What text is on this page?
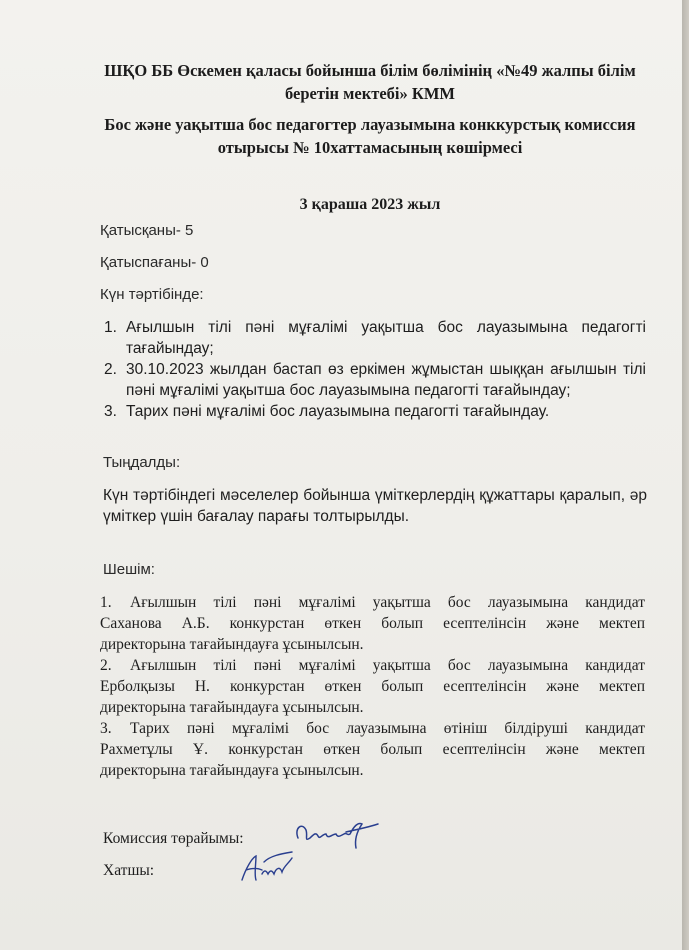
ШҚО ББ Өскемен қаласы бойынша білім бөлімінің «№49 жалпы білім
беретін мектебі» КММ
Бос және уақытша бос педагогтер лауазымына конккурстық комиссия
отырысы № 10хаттамасының көшірмесі
3 қараша 2023 жыл
Қатысқаны- 5
Қатыспағаны- 0
Күн тәртібінде:
1. Ағылшын тілі пәні мұғалімі уақытша бос лауазымына педагогті
тағайындау;
2. 30.10.2023 жылдан бастап өз еркімен жұмыстан шыққан ағылшын тілі
пәні мұғалімі уақытша бос лауазымына педагогті тағайындау;
3. Тарих пәні мұғалімі бос лауазымына педагогті тағайындау.
Тыңдалды:
Күн тәртібіндегі мәселелер бойынша үміткерлердің құжаттары қаралып, әр
үміткер үшін бағалау парағы толтырылды.
Шешім:
1. Ағылшын тілі пәні мұғалімі уақытша бос лауазымына кандидат
Саханова А.Б. конкурстан өткен болып есептелінсін және мектеп
директорына тағайындауға ұсынылсын.
2. Ағылшын тілі пәні мұғалімі уақытша бос лауазымына кандидат
Ерболқызы Н. конкурстан өткен болып есептелінсін және мектеп
директорына тағайындауға ұсынылсын.
3. Тарих пәні мұғалімі бос лауазымына өтініш білдіруші кандидат
Рахметұлы Ұ. конкурстан өткен болып есептелінсін және мектеп
директорына тағайындауға ұсынылсын.
Комиссия төрайымы:
Хатшы:
